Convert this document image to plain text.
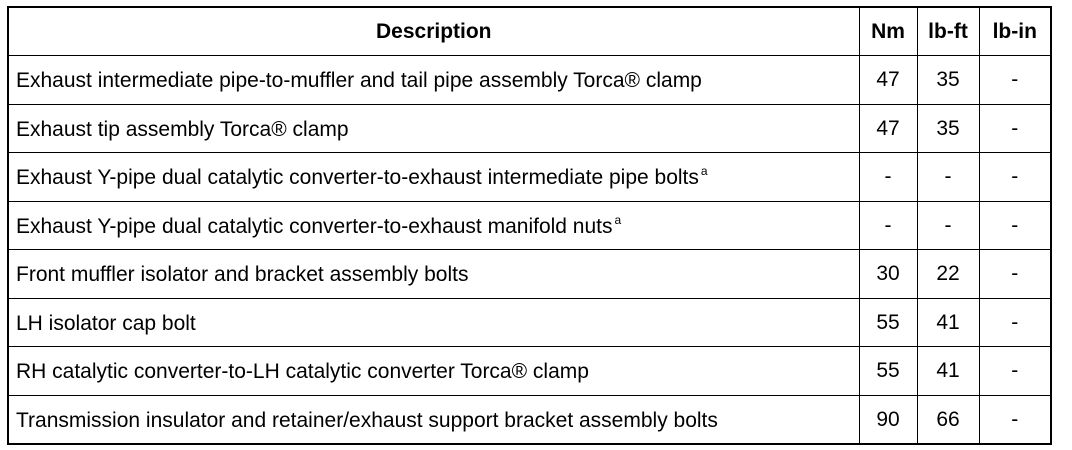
Description	Nm	lb-ft	lb-in
Exhaust intermediate pipe-to-muffler and tail pipe assembly Torca® clamp	47	35	-
Exhaust tip assembly Torca® clamp	47	35	-
Exhaust Y-pipe dual catalytic converter-to-exhaust intermediate pipe bolts $^a$	-	-	-
Exhaust Y-pipe dual catalytic converter-to-exhaust manifold nuts $^a$	-	-	-
Front muffler isolator and bracket assembly bolts	30	22	-
LH isolator cap bolt	55	41	-
RH catalytic converter-to-LH catalytic converter Torca® clamp	55	41	-
Transmission insulator and retainer/exhaust support bracket assembly bolts	90	66	-
